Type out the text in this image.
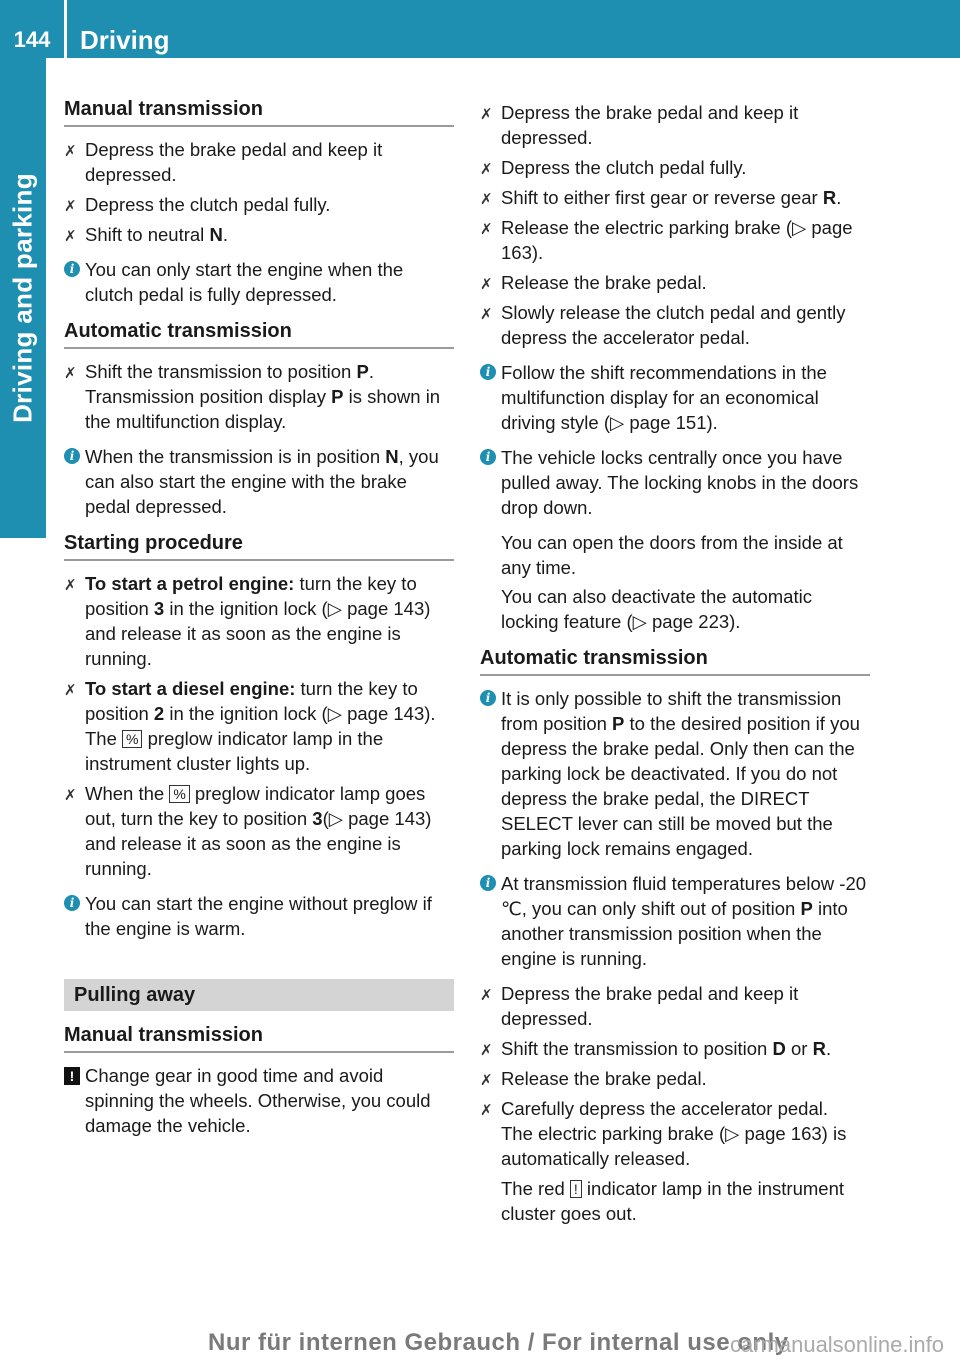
144	Driving
Driving and parking
Manual transmission
✗
Depress the brake pedal and keep it depressed.
✗
Depress the clutch pedal fully.
✗
Shift to neutral N.
i You can only start the engine when the clutch pedal is fully depressed.
Automatic transmission
✗
Shift the transmission to position P.
Transmission position display P is shown in the multifunction display.
i When the transmission is in position N, you can also start the engine with the brake pedal depressed.
Starting procedure
✗
To start a petrol engine: turn the key to position 3 in the ignition lock (▷ page 143) and release it as soon as the engine is running.
✗
To start a diesel engine: turn the key to position 2 in the ignition lock (▷ page 143).
The % preglow indicator lamp in the instrument cluster lights up.
✗
When the % preglow indicator lamp goes out, turn the key to position 3(▷ page 143) and release it as soon as the engine is running.
i You can start the engine without preglow if the engine is warm.
Pulling away
Manual transmission
! Change gear in good time and avoid spinning the wheels. Otherwise, you could damage the vehicle.
✗
Depress the brake pedal and keep it depressed.
✗
Depress the clutch pedal fully.
✗
Shift to either first gear or reverse gear R.
✗
Release the electric parking brake (▷ page 163).
✗
Release the brake pedal.
✗
Slowly release the clutch pedal and gently depress the accelerator pedal.
i Follow the shift recommendations in the multifunction display for an economical driving style (▷ page 151).
i The vehicle locks centrally once you have pulled away. The locking knobs in the doors drop down.
You can open the doors from the inside at any time.
You can also deactivate the automatic locking feature (▷ page 223).
Automatic transmission
i It is only possible to shift the transmission from position P to the desired position if you depress the brake pedal. Only then can the parking lock be deactivated. If you do not depress the brake pedal, the DIRECT SELECT lever can still be moved but the parking lock remains engaged.
i At transmission fluid temperatures below -20 ℃, you can only shift out of position P into another transmission position when the engine is running.
✗
Depress the brake pedal and keep it depressed.
✗
Shift the transmission to position D or R.
✗
Release the brake pedal.
✗
Carefully depress the accelerator pedal.
The electric parking brake (▷ page 163) is automatically released.
The red ! indicator lamp in the instrument cluster goes out.
Nur für internen Gebrauch / For internal use only
carmanualsonline.info
